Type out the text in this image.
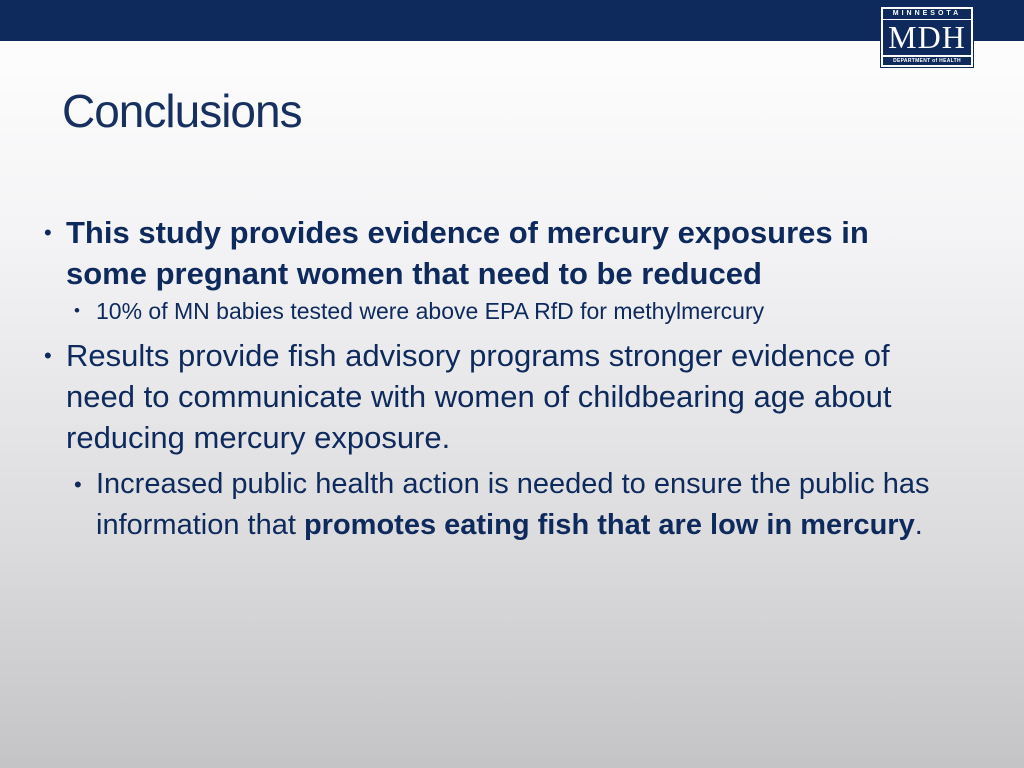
MINNESOTA
MDH
DEPARTMENT of HEALTH
Conclusions
• This study provides evidence of mercury exposures in some pregnant women that need to be reduced
• 10% of MN babies tested were above EPA RfD for methylmercury
• Results provide fish advisory programs stronger evidence of need to communicate with women of childbearing age about reducing mercury exposure.
• Increased public health action is needed to ensure the public has information that promotes eating fish that are low in mercury.
